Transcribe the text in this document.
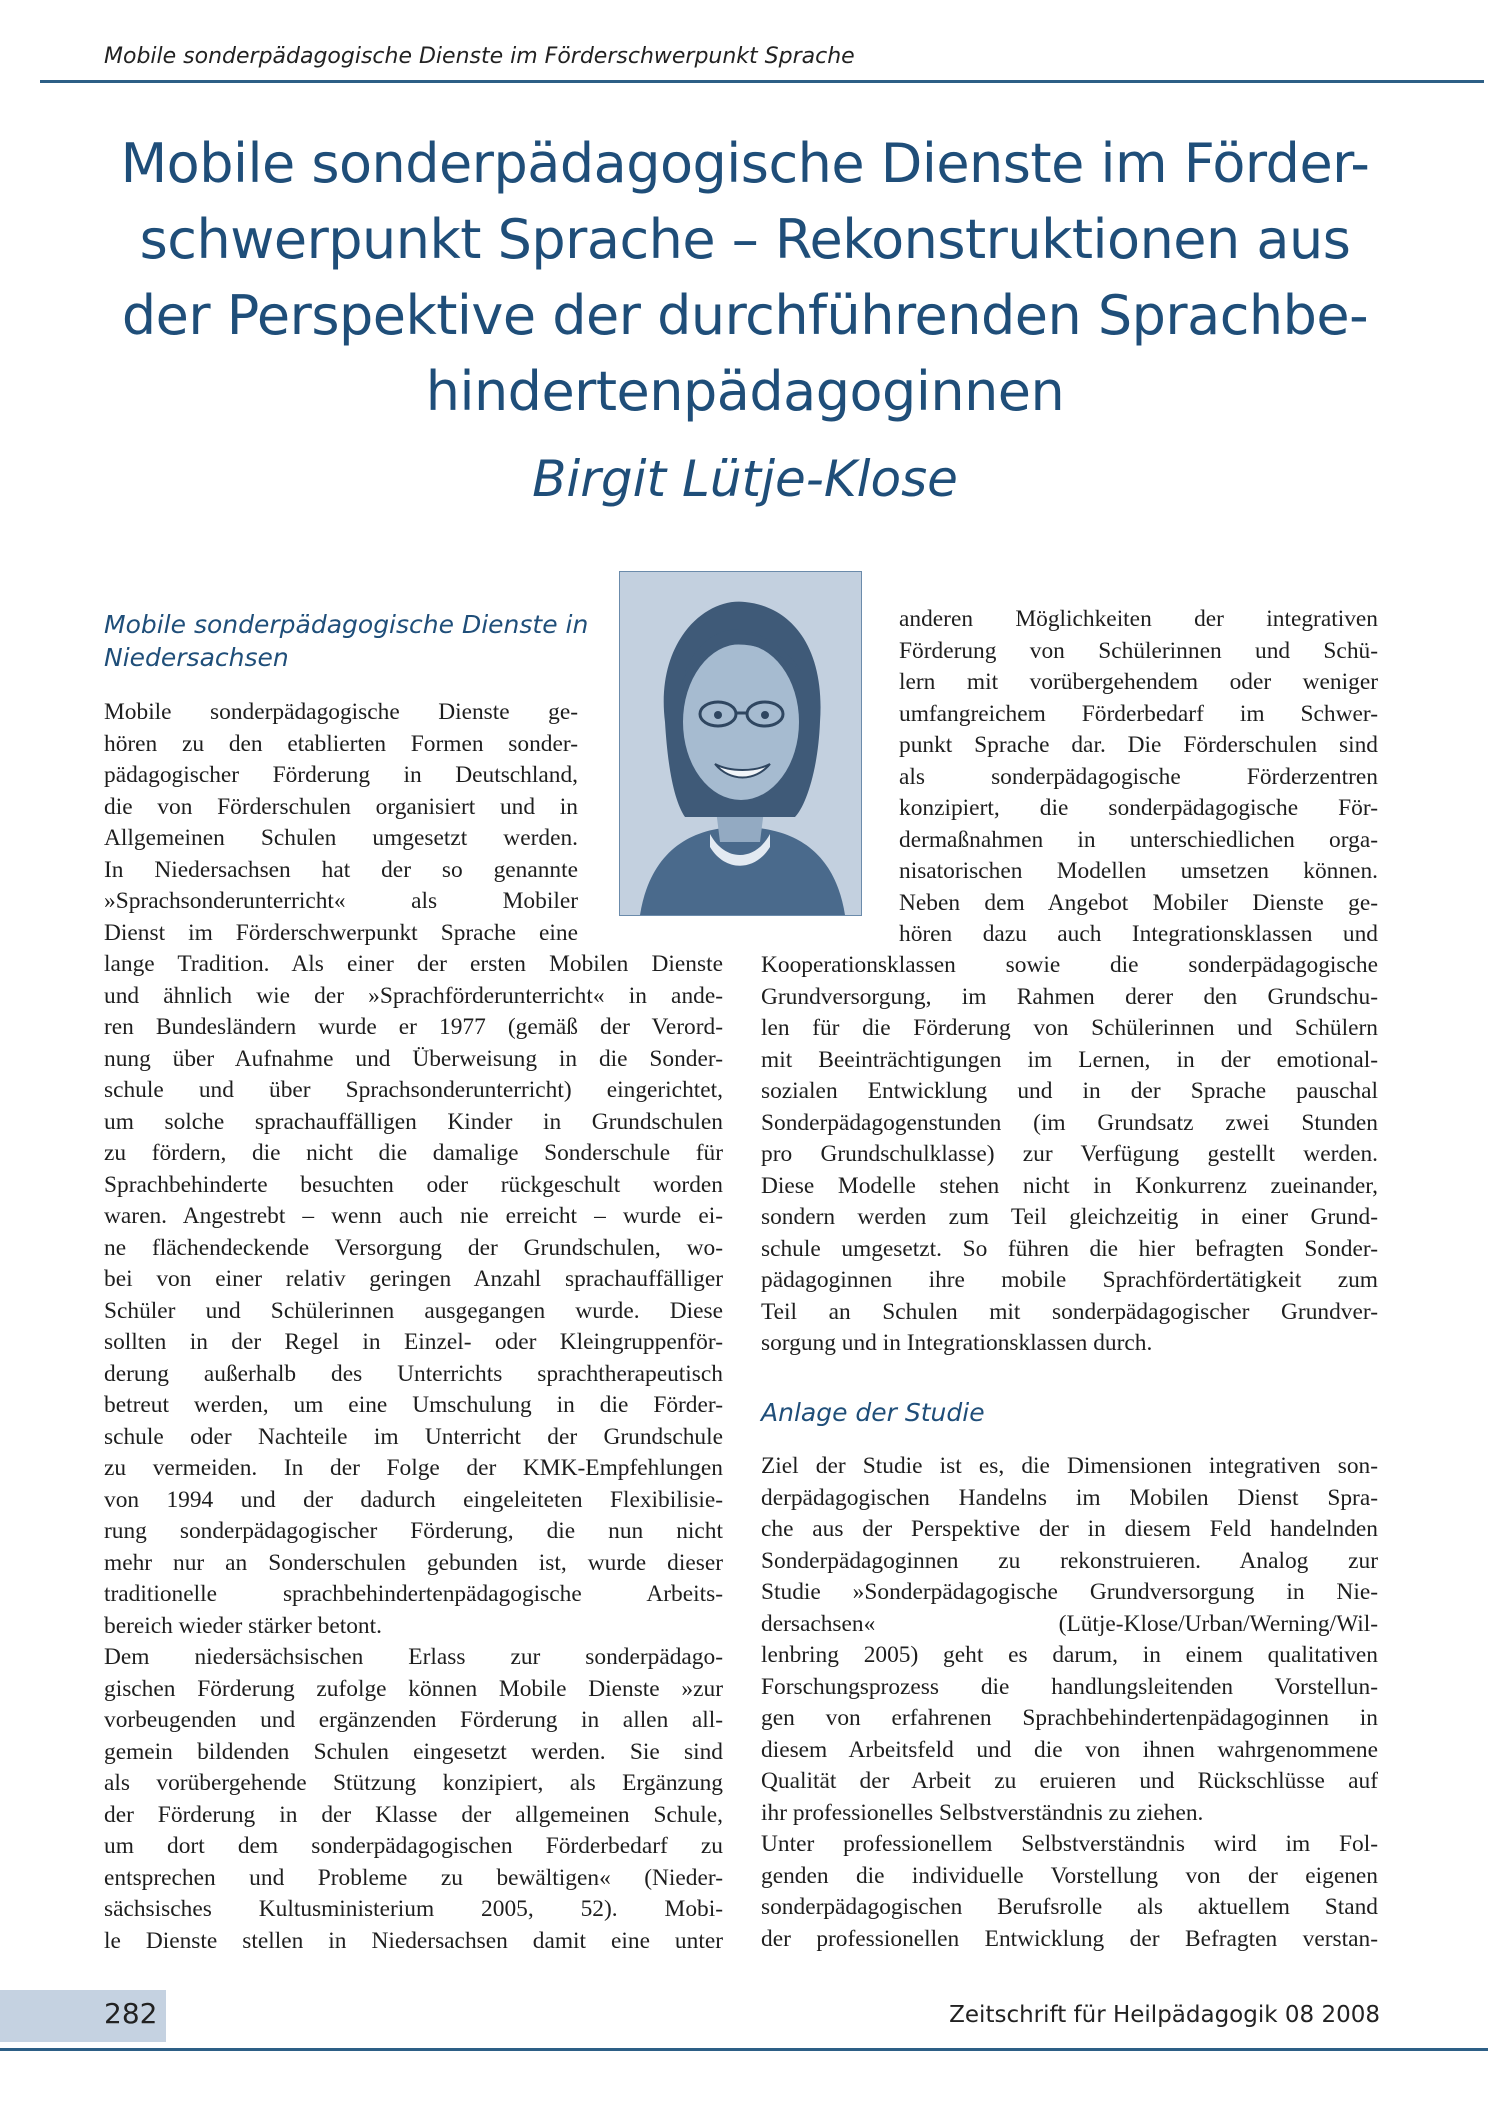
Mobile sonderpädagogische Dienste im Förderschwerpunkt Sprache
Mobile sonderpädagogische Dienste im Förder-
schwerpunkt Sprache – Rekonstruktionen aus
der Perspektive der durchführenden Sprachbe-
hindertenpädagoginnen
Birgit Lütje-Klose
Mobile sonderpädagogische Dienste in
Niedersachsen
Mobile sonderpädagogische Dienste ge-
hören zu den etablierten Formen sonder-
pädagogischer Förderung in Deutschland,
die von Förderschulen organisiert und in
Allgemeinen Schulen umgesetzt werden.
In Niedersachsen hat der so genannte
»Sprachsonderunterricht« als Mobiler
Dienst im Förderschwerpunkt Sprache eine
lange Tradition. Als einer der ersten Mobilen Dienste
und ähnlich wie der »Sprachförderunterricht« in ande-
ren Bundesländern wurde er 1977 (gemäß der Verord-
nung über Aufnahme und Überweisung in die Sonder-
schule und über Sprachsonderunterricht) eingerichtet,
um solche sprachauffälligen Kinder in Grundschulen
zu fördern, die nicht die damalige Sonderschule für
Sprachbehinderte besuchten oder rückgeschult worden
waren. Angestrebt – wenn auch nie erreicht – wurde ei-
ne flächendeckende Versorgung der Grundschulen, wo-
bei von einer relativ geringen Anzahl sprachauffälliger
Schüler und Schülerinnen ausgegangen wurde. Diese
sollten in der Regel in Einzel- oder Kleingruppenför-
derung außerhalb des Unterrichts sprachtherapeutisch
betreut werden, um eine Umschulung in die Förder-
schule oder Nachteile im Unterricht der Grundschule
zu vermeiden. In der Folge der KMK-Empfehlungen
von 1994 und der dadurch eingeleiteten Flexibilisie-
rung sonderpädagogischer Förderung, die nun nicht
mehr nur an Sonderschulen gebunden ist, wurde dieser
traditionelle sprachbehindertenpädagogische Arbeits-
bereich wieder stärker betont.
Dem niedersächsischen Erlass zur sonderpädago-
gischen Förderung zufolge können Mobile Dienste »zur
vorbeugenden und ergänzenden Förderung in allen all-
gemein bildenden Schulen eingesetzt werden. Sie sind
als vorübergehende Stützung konzipiert, als Ergänzung
der Förderung in der Klasse der allgemeinen Schule,
um dort dem sonderpädagogischen Förderbedarf zu
entsprechen und Probleme zu bewältigen« (Nieder-
sächsisches Kultusministerium 2005, 52). Mobi-
le Dienste stellen in Niedersachsen damit eine unter
anderen Möglichkeiten der integrativen
Förderung von Schülerinnen und Schü-
lern mit vorübergehendem oder weniger
umfangreichem Förderbedarf im Schwer-
punkt Sprache dar. Die Förderschulen sind
als sonderpädagogische Förderzentren
konzipiert, die sonderpädagogische För-
dermaßnahmen in unterschiedlichen orga-
nisatorischen Modellen umsetzen können.
Neben dem Angebot Mobiler Dienste ge-
hören dazu auch Integrationsklassen und
Kooperationsklassen sowie die sonderpädagogische
Grundversorgung, im Rahmen derer den Grundschu-
len für die Förderung von Schülerinnen und Schülern
mit Beeinträchtigungen im Lernen, in der emotional-
sozialen Entwicklung und in der Sprache pauschal
Sonderpädagogenstunden (im Grundsatz zwei Stunden
pro Grundschulklasse) zur Verfügung gestellt werden.
Diese Modelle stehen nicht in Konkurrenz zueinander,
sondern werden zum Teil gleichzeitig in einer Grund-
schule umgesetzt. So führen die hier befragten Sonder-
pädagoginnen ihre mobile Sprachfördertätigkeit zum
Teil an Schulen mit sonderpädagogischer Grundver-
sorgung und in Integrationsklassen durch.
Anlage der Studie
Ziel der Studie ist es, die Dimensionen integrativen son-
derpädagogischen Handelns im Mobilen Dienst Spra-
che aus der Perspektive der in diesem Feld handelnden
Sonderpädagoginnen zu rekonstruieren. Analog zur
Studie »Sonderpädagogische Grundversorgung in Nie-
dersachsen« (Lütje-Klose/Urban/Werning/Wil-
lenbring 2005) geht es darum, in einem qualitativen
Forschungsprozess die handlungsleitenden Vorstellun-
gen von erfahrenen Sprachbehindertenpädagoginnen in
diesem Arbeitsfeld und die von ihnen wahrgenommene
Qualität der Arbeit zu eruieren und Rückschlüsse auf
ihr professionelles Selbstverständnis zu ziehen.
Unter professionellem Selbstverständnis wird im Fol-
genden die individuelle Vorstellung von der eigenen
sonderpädagogischen Berufsrolle als aktuellem Stand
der professionellen Entwicklung der Befragten verstan-
282	Zeitschrift für Heilpädagogik 08 2008
